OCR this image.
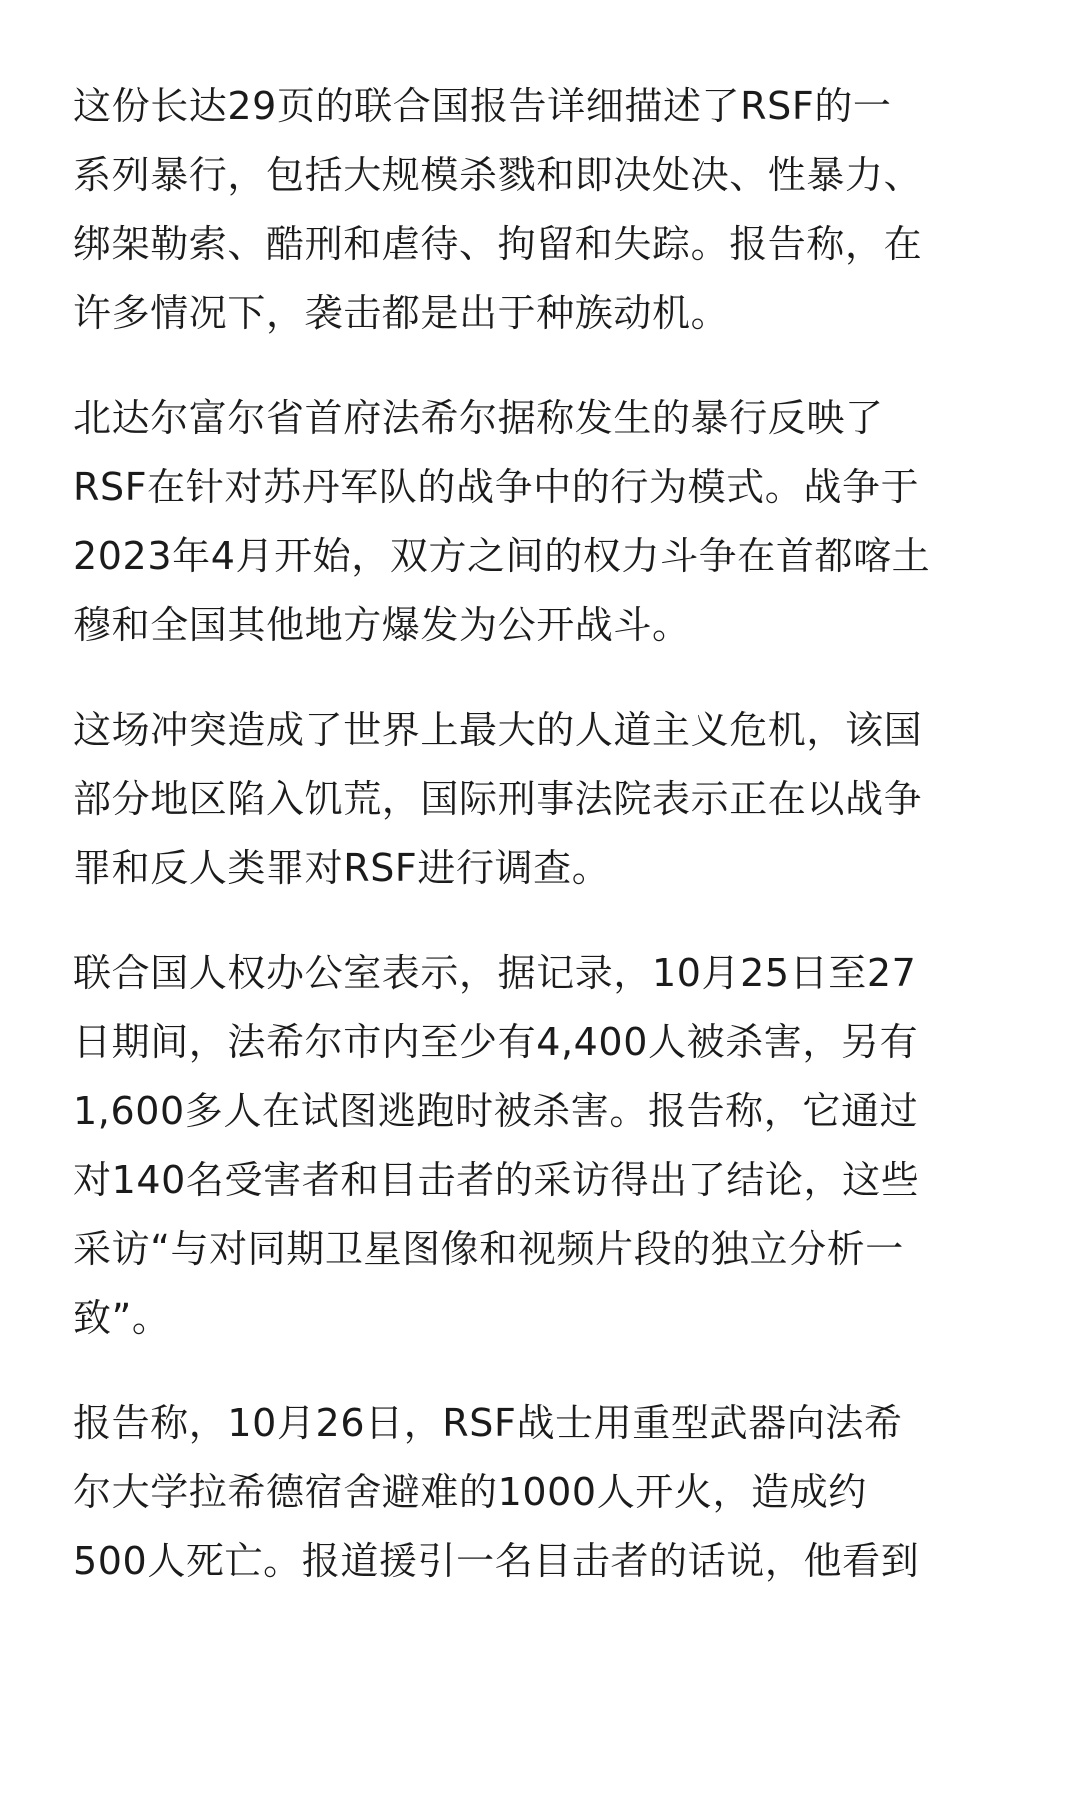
这份长达29页的联合国报告详细描述了RSF的一
系列暴行，包括大规模杀戮和即决处决、性暴力、
绑架勒索、酷刑和虐待、拘留和失踪。报告称，在
许多情况下，袭击都是出于种族动机。

北达尔富尔省首府法希尔据称发生的暴行反映了
RSF在针对苏丹军队的战争中的行为模式。战争于
2023年4月开始，双方之间的权力斗争在首都喀土
穆和全国其他地方爆发为公开战斗。

这场冲突造成了世界上最大的人道主义危机，该国
部分地区陷入饥荒，国际刑事法院表示正在以战争
罪和反人类罪对RSF进行调查。

联合国人权办公室表示，据记录，10月25日至27
日期间，法希尔市内至少有4,400人被杀害，另有
1,600多人在试图逃跑时被杀害。报告称，它通过
对140名受害者和目击者的采访得出了结论，这些
采访“与对同期卫星图像和视频片段的独立分析一
致”。

报告称，10月26日，RSF战士用重型武器向法希
尔大学拉希德宿舍避难的1000人开火，造成约
500人死亡。报道援引一名目击者的话说，他看到
